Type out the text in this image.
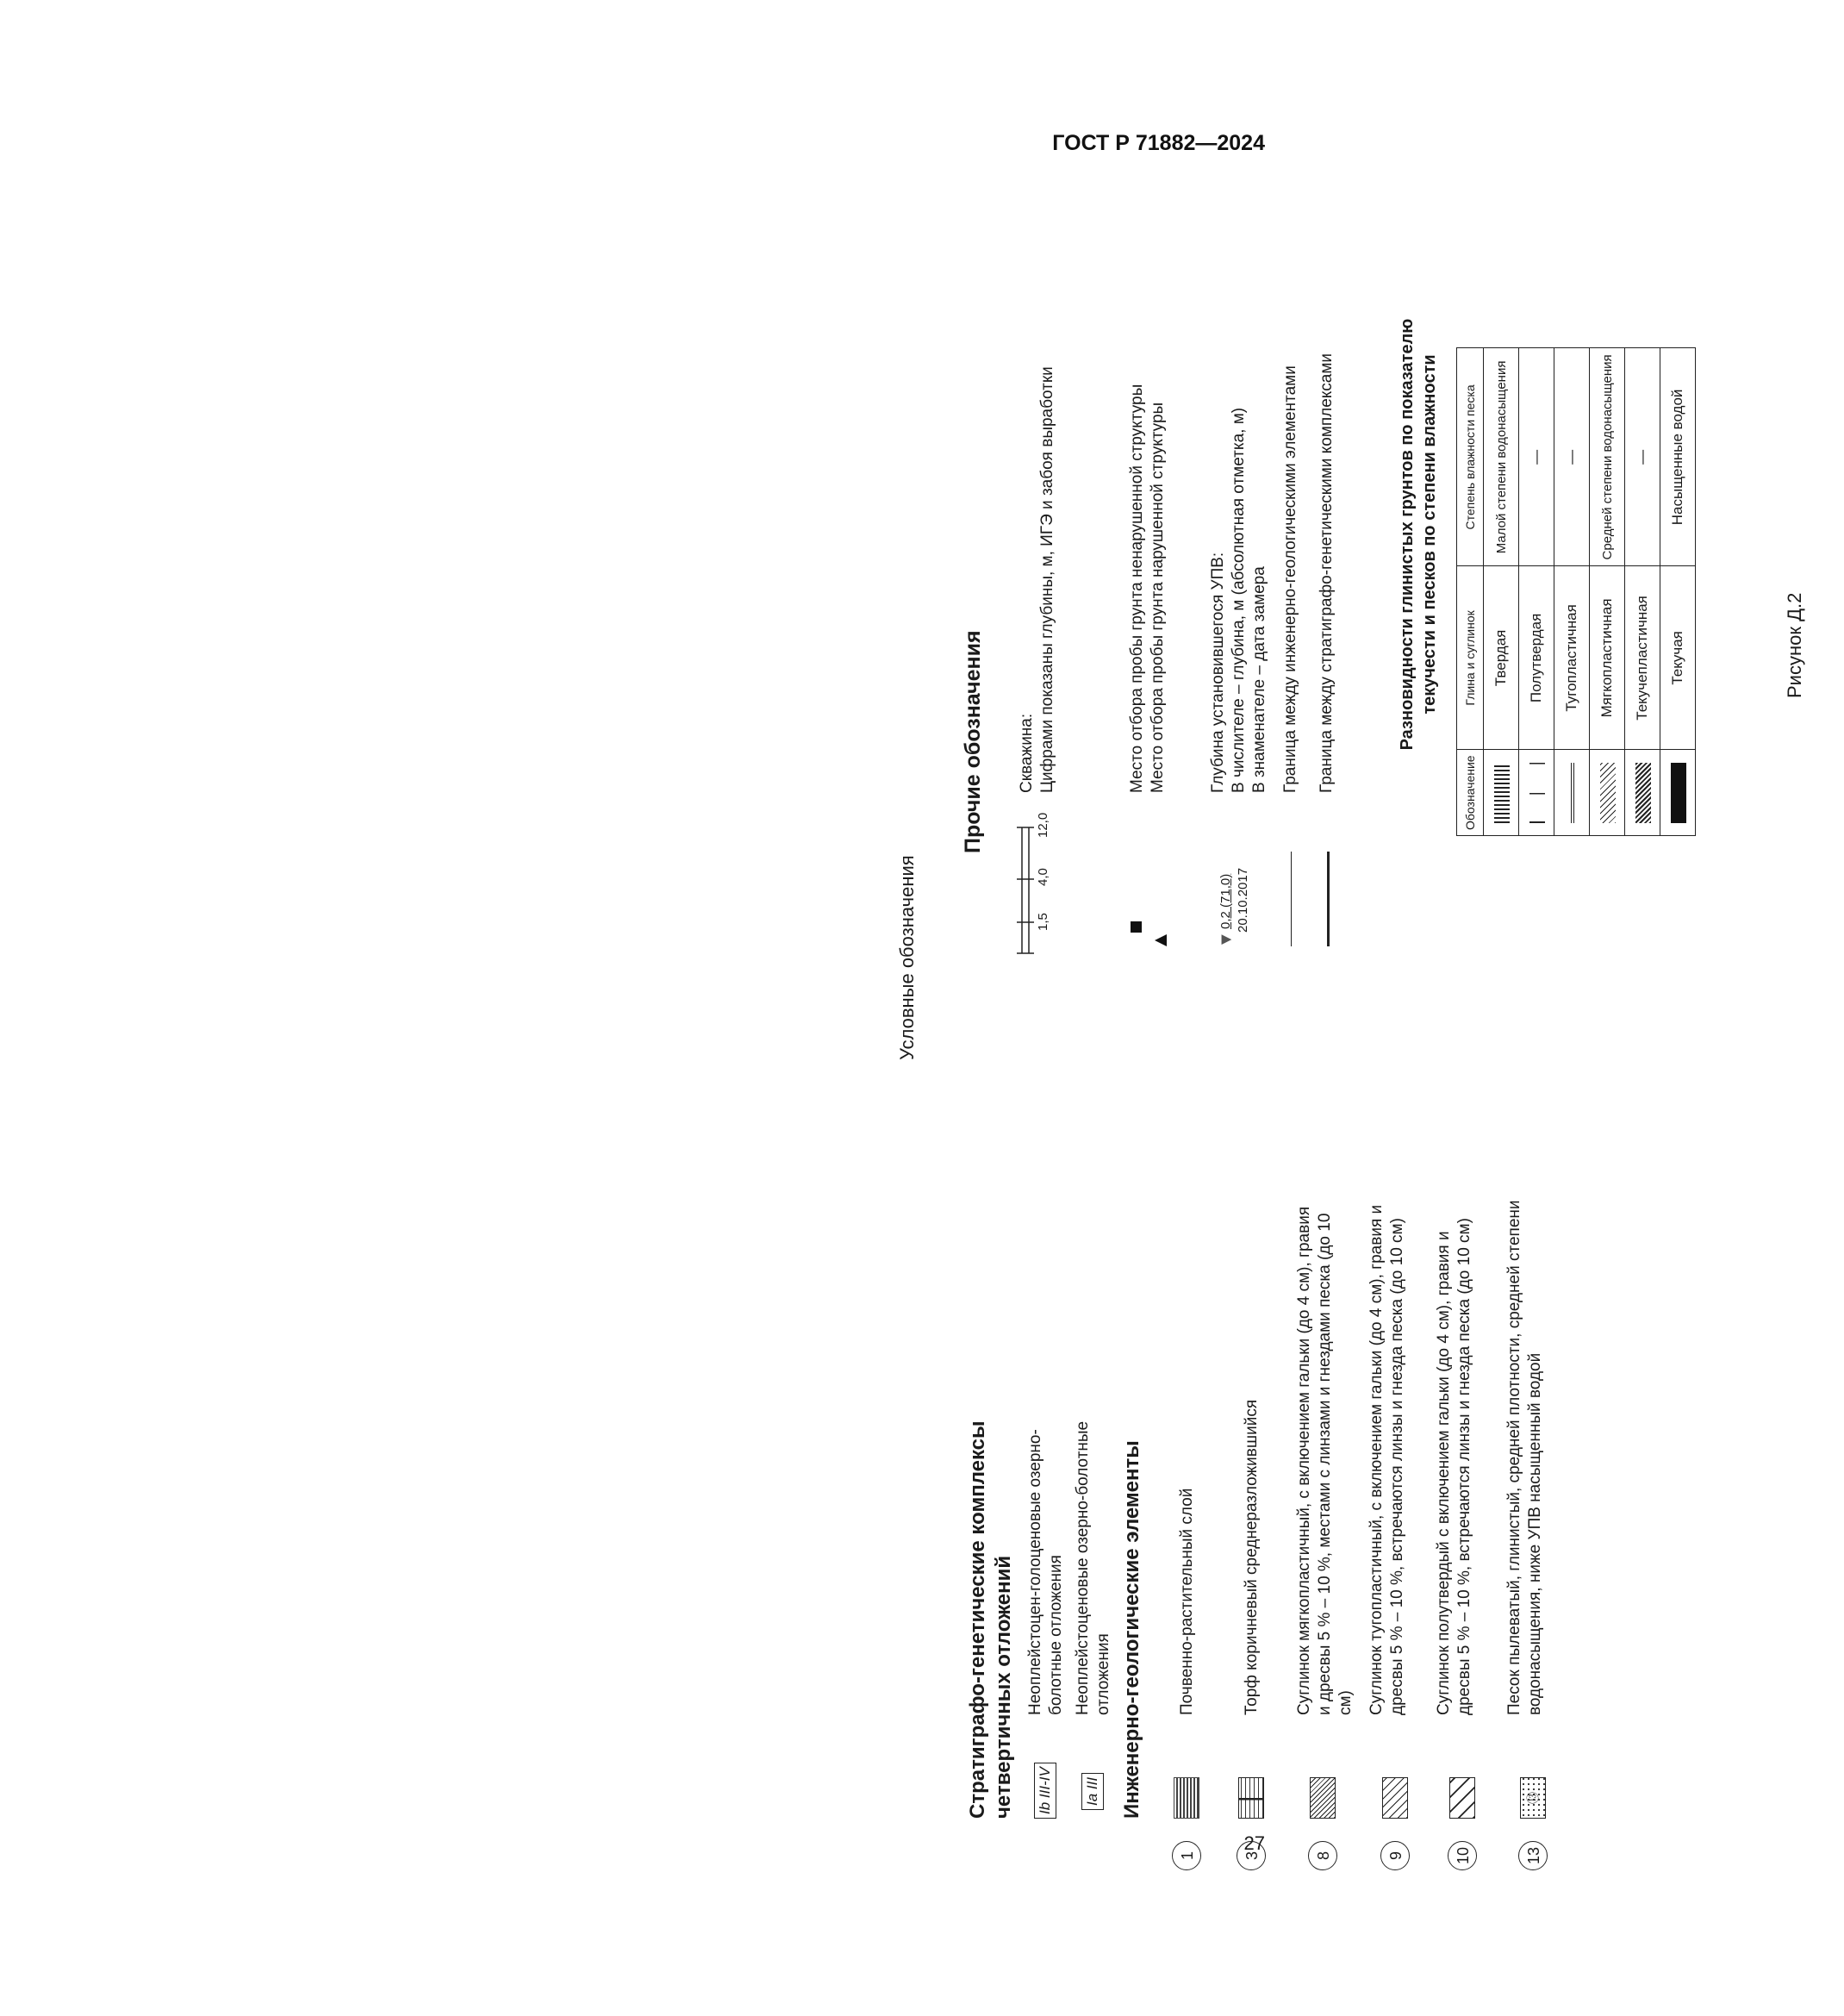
ГОСТ Р 71882—2024
27
Условные обозначения
Стратиграфо-генетические комплексы четвертичных отложений Ib III-IV
Неоплейстоцен-голоценовые озерно-болотные отложения
Ia III
Неоплейстоценовые озерно-болотные отложения Инженерно-геологические элементы
1
Почвенно-растительный слой
3
Торф коричневый среднеразложившийся
8
Суглинок мягкопластичный, с включением гальки (до 4 см), гравия и дресвы 5 % – 10 %, местами с линзами и гнездами песка (до 10 см)
9
Суглинок тугопластичный, с включением гальки (до 4 см), гравия и дресвы 5 % – 10 %, встречаются линзы и гнезда песка (до 10 см)
10
Суглинок полутвердый с включением гальки (до 4 см), гравия и дресвы 5 % – 10 %, встречаются линзы и гнезда песка (до 10 см)
13
⑬
Песок пылеватый, глинистый, средней плотности, средней степени водонасыщения, ниже УПВ насыщенный водой
Прочие обозначения
1,5
4,0
12,0
Скважина: Цифрами показаны глубины, м, ИГЭ и забоя выработки	Место отбора пробы грунта ненарушенной структуры Место отбора пробы грунта нарушенной структуры
▼
0,2 (71,0) 20.10.2017
Глубина установившегося УПВ: В числителе – глубина, м (абсолютная отметка, м) В знаменателе – дата замера Граница между инженерно-геологическими элементами Граница между стратиграфо-генетическими комплексами	Разновидности глинистых грунтов по показателю текучести и песков по степени влажности
Обозначение	Глина и суглинок	Степень влажности песка
	Твердая	Малой степени водонасыщения
	Полутвердая	—
	Тугопластичная	—
	Мягкопластичная	Средней степени водонасыщения
	Текучепластичная	—
	Текучая	Насыщенные водой
Рисунок Д.2
